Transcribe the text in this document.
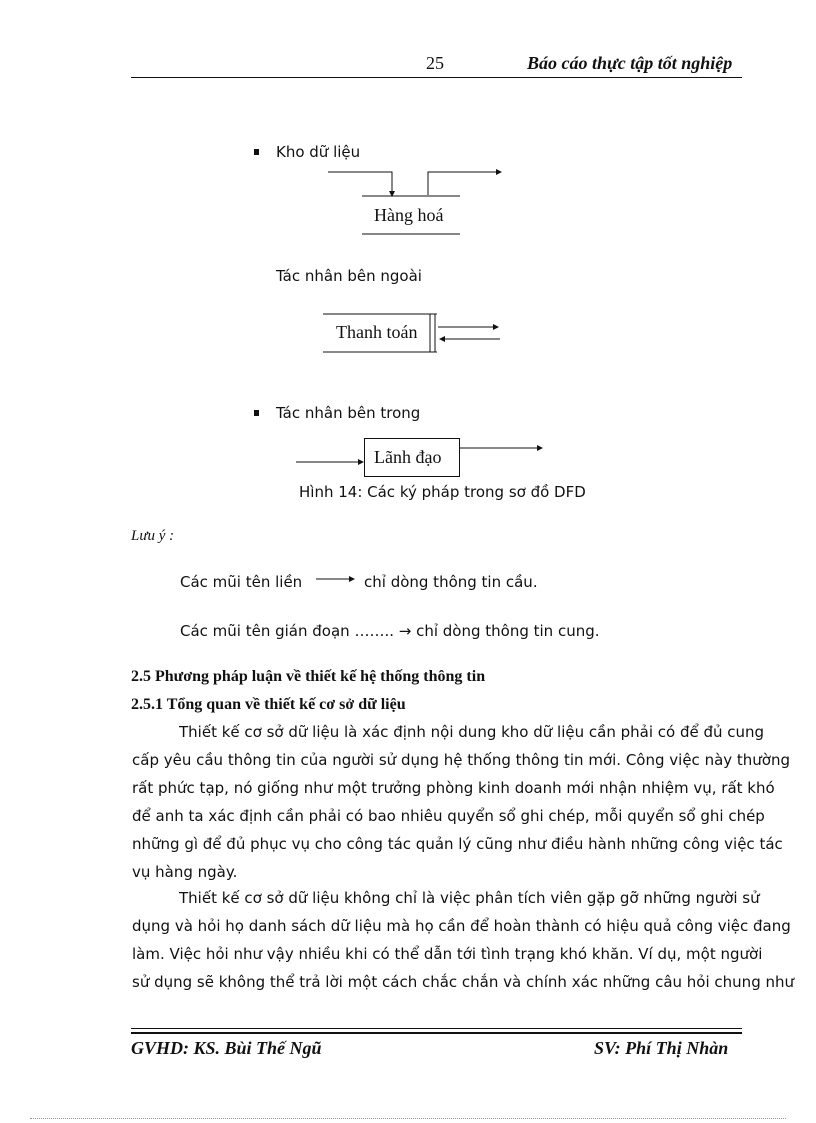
25	Báo cáo thực tập tốt nghiệp
Kho dữ liệu
Hàng hoá
Tác nhân bên ngoài
Thanh toán
Tác nhân bên trong
Lãnh đạo
Hình 14: Các ký pháp trong sơ đồ DFD
Lưu ý :
Các mũi tên liền	chỉ dòng thông tin cầu.
Các mũi tên gián đoạn …….. → chỉ dòng thông tin cung.
2.5 Phương pháp luận về thiết kế hệ thống thông tin
2.5.1 Tổng quan về thiết kế cơ sở dữ liệu
Thiết kế cơ sở dữ liệu là xác định nội dung kho dữ liệu cần phải có để đủ cung
cấp yêu cầu thông tin của người sử dụng hệ thống thông tin mới. Công việc này thường
rất phức tạp, nó giống như một trưởng phòng kinh doanh mới nhận nhiệm vụ, rất khó
để anh ta xác định cần phải có bao nhiêu quyển sổ ghi chép, mỗi quyển sổ ghi chép
những gì để đủ phục vụ cho công tác quản lý cũng như điều hành những công việc tác
vụ hàng ngày.
Thiết kế cơ sở dữ liệu không chỉ là việc phân tích viên gặp gỡ những người sử
dụng và hỏi họ danh sách dữ liệu mà họ cần để hoàn thành có hiệu quả công việc đang
làm. Việc hỏi như vậy nhiều khi có thể dẫn tới tình trạng khó khăn. Ví dụ, một người
sử dụng sẽ không thể trả lời một cách chắc chắn và chính xác những câu hỏi chung như
GVHD: KS. Bùi Thế Ngũ	SV: Phí Thị Nhàn
